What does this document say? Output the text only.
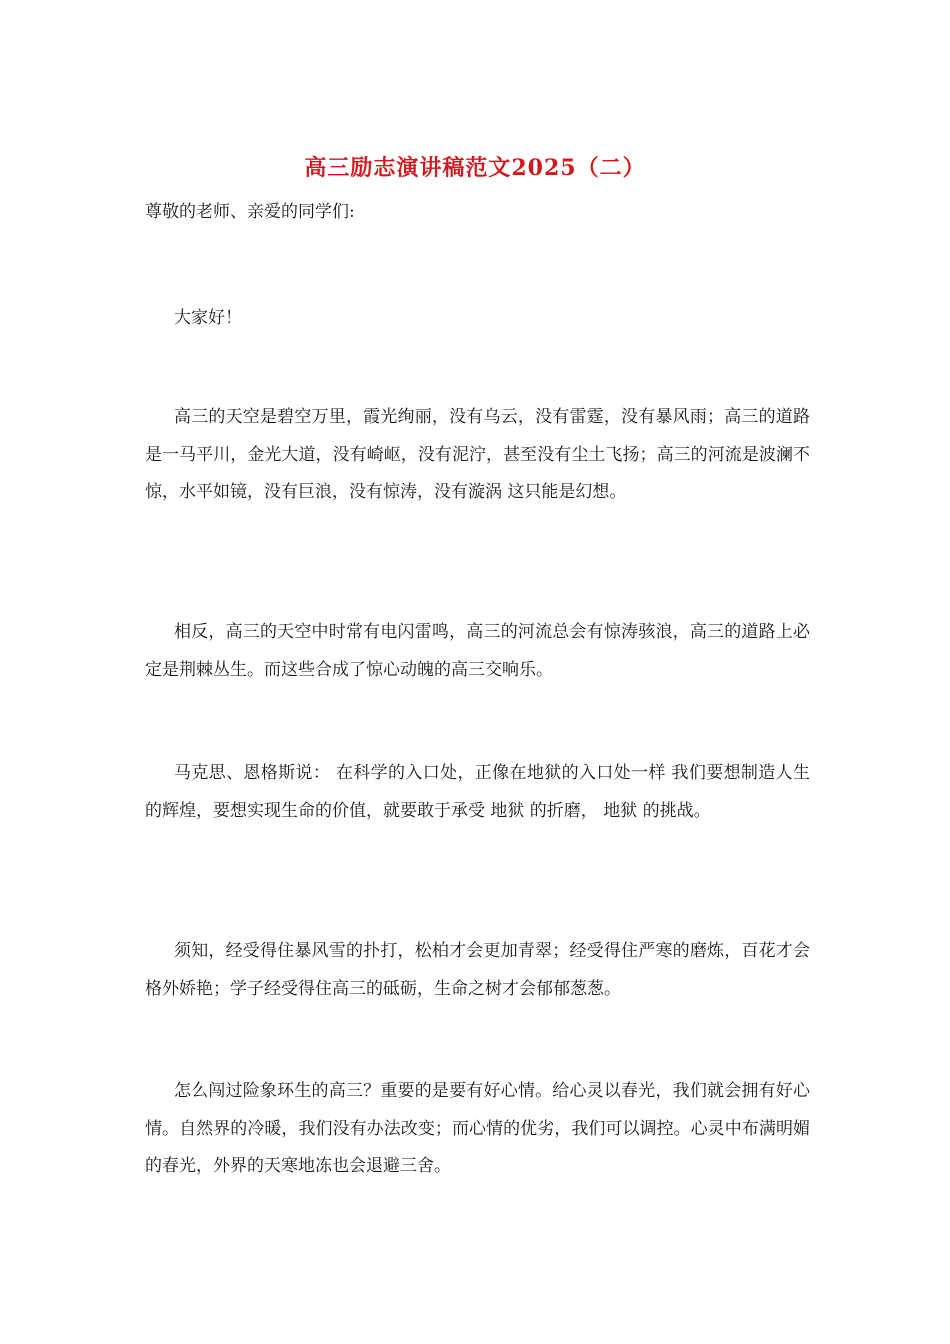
高三励志演讲稿范文2025（二）
尊敬的老师、亲爱的同学们:

大家好！

高三的天空是碧空万里，霞光绚丽，没有乌云，没有雷霆，没有暴风雨；高三的道路是一马平川，金光大道，没有崎岖，没有泥泞，甚至没有尘土飞扬；高三的河流是波澜不惊，水平如镜，没有巨浪，没有惊涛，没有漩涡 这只能是幻想。

相反，高三的天空中时常有电闪雷鸣，高三的河流总会有惊涛骇浪，高三的道路上必定是荆棘丛生。而这些合成了惊心动魄的高三交响乐。

马克思、恩格斯说： 在科学的入口处，正像在地狱的入口处一样 我们要想制造人生的辉煌，要想实现生命的价值，就要敢于承受 地狱 的折磨， 地狱 的挑战。

须知，经受得住暴风雪的扑打，松柏才会更加青翠；经受得住严寒的磨炼，百花才会格外娇艳；学子经受得住高三的砥砺，生命之树才会郁郁葱葱。

怎么闯过险象环生的高三？重要的是要有好心情。给心灵以春光，我们就会拥有好心情。自然界的冷暖，我们没有办法改变；而心情的优劣，我们可以调控。心灵中布满明媚的春光，外界的天寒地冻也会退避三舍。
